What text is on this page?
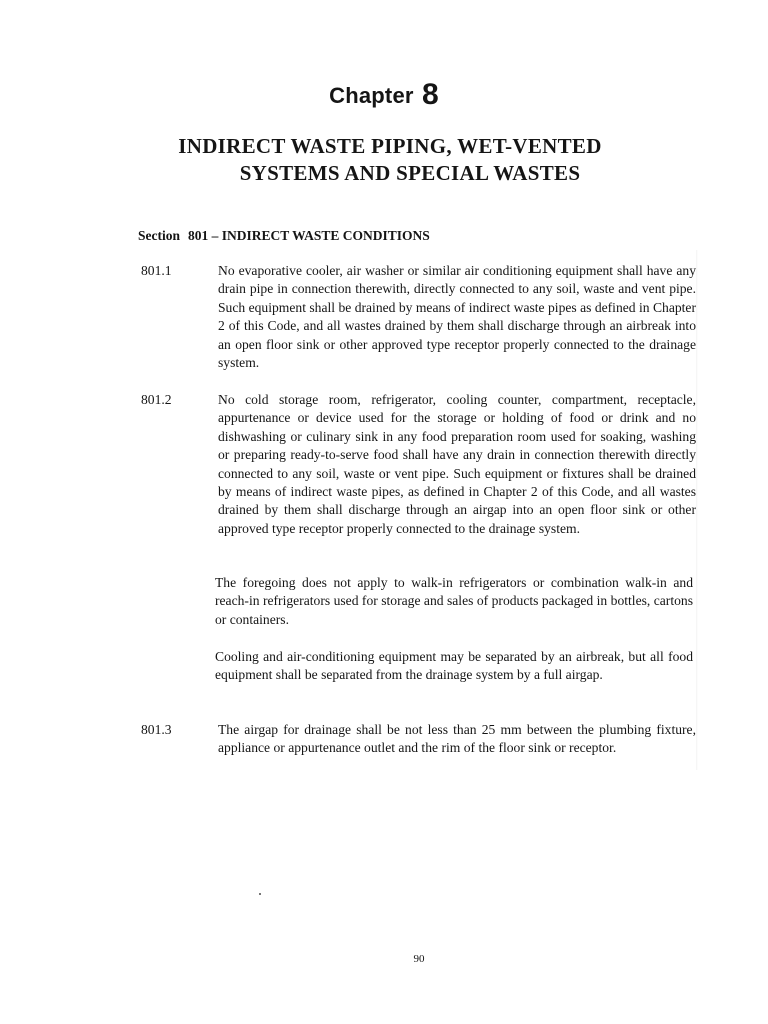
Chapter 8
INDIRECT WASTE PIPING, WET-VENTED
SYSTEMS AND SPECIAL WASTES
Section 801 – INDIRECT WASTE CONDITIONS
801.1	No evaporative cooler, air washer or similar air conditioning equipment shall have any drain pipe in connection therewith, directly connected to any soil, waste and vent pipe. Such equipment shall be drained by means of indirect waste pipes as defined in Chapter 2 of this Code, and all wastes drained by them shall discharge through an airbreak into an open floor sink or other approved type receptor properly connected to the drainage system.
801.2	No cold storage room, refrigerator, cooling counter, compartment, receptacle, appurtenance or device used for the storage or holding of food or drink and no dishwashing or culinary sink in any food preparation room used for soaking, washing or preparing ready-to-serve food shall have any drain in connection therewith directly connected to any soil, waste or vent pipe. Such equipment or fixtures shall be drained by means of indirect waste pipes, as defined in Chapter 2 of this Code, and all wastes drained by them shall discharge through an airgap into an open floor sink or other approved type receptor properly connected to the drainage system.
The foregoing does not apply to walk-in refrigerators or combination walk-in and reach-in refrigerators used for storage and sales of products packaged in bottles, cartons or containers.
Cooling and air-conditioning equipment may be separated by an airbreak, but all food equipment shall be separated from the drainage system by a full airgap.
801.3	The airgap for drainage shall be not less than 25 mm between the plumbing fixture, appliance or appurtenance outlet and the rim of the floor sink or receptor.
90
